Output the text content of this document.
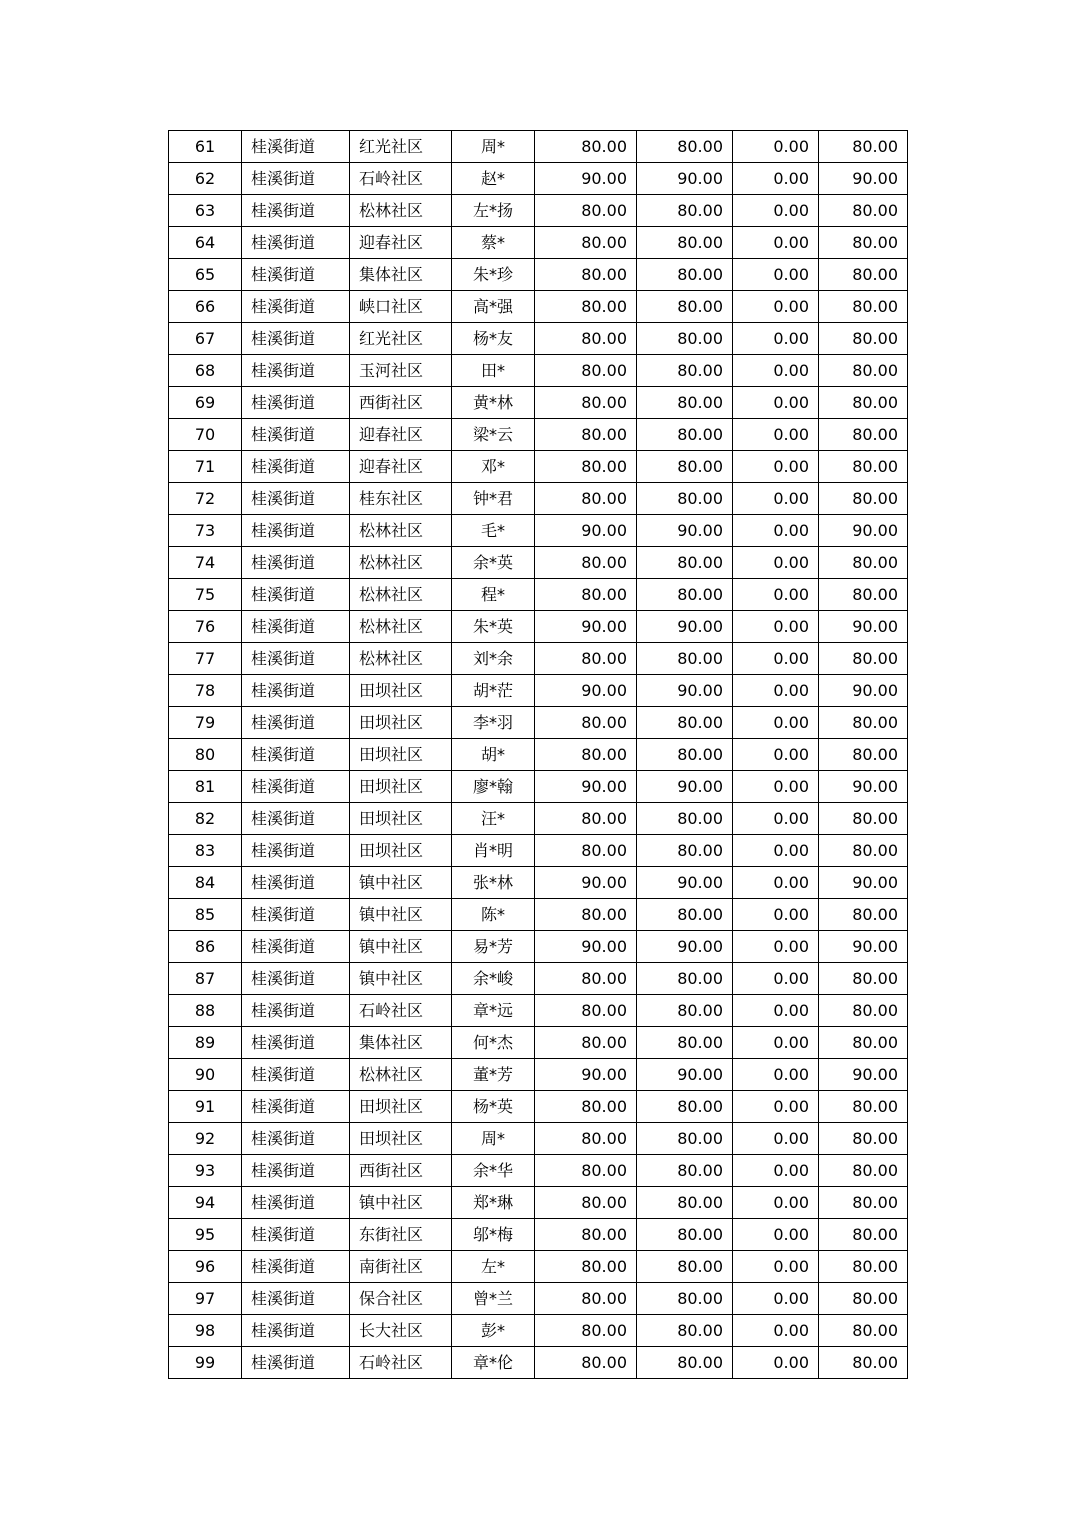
61	桂溪街道	红光社区	周*	80.00	80.00	0.00	80.00
62	桂溪街道	石岭社区	赵*	90.00	90.00	0.00	90.00
63	桂溪街道	松林社区	左*扬	80.00	80.00	0.00	80.00
64	桂溪街道	迎春社区	蔡*	80.00	80.00	0.00	80.00
65	桂溪街道	集体社区	朱*珍	80.00	80.00	0.00	80.00
66	桂溪街道	峡口社区	高*强	80.00	80.00	0.00	80.00
67	桂溪街道	红光社区	杨*友	80.00	80.00	0.00	80.00
68	桂溪街道	玉河社区	田*	80.00	80.00	0.00	80.00
69	桂溪街道	西街社区	黄*林	80.00	80.00	0.00	80.00
70	桂溪街道	迎春社区	梁*云	80.00	80.00	0.00	80.00
71	桂溪街道	迎春社区	邓*	80.00	80.00	0.00	80.00
72	桂溪街道	桂东社区	钟*君	80.00	80.00	0.00	80.00
73	桂溪街道	松林社区	毛*	90.00	90.00	0.00	90.00
74	桂溪街道	松林社区	余*英	80.00	80.00	0.00	80.00
75	桂溪街道	松林社区	程*	80.00	80.00	0.00	80.00
76	桂溪街道	松林社区	朱*英	90.00	90.00	0.00	90.00
77	桂溪街道	松林社区	刘*余	80.00	80.00	0.00	80.00
78	桂溪街道	田坝社区	胡*茫	90.00	90.00	0.00	90.00
79	桂溪街道	田坝社区	李*羽	80.00	80.00	0.00	80.00
80	桂溪街道	田坝社区	胡*	80.00	80.00	0.00	80.00
81	桂溪街道	田坝社区	廖*翰	90.00	90.00	0.00	90.00
82	桂溪街道	田坝社区	汪*	80.00	80.00	0.00	80.00
83	桂溪街道	田坝社区	肖*明	80.00	80.00	0.00	80.00
84	桂溪街道	镇中社区	张*林	90.00	90.00	0.00	90.00
85	桂溪街道	镇中社区	陈*	80.00	80.00	0.00	80.00
86	桂溪街道	镇中社区	易*芳	90.00	90.00	0.00	90.00
87	桂溪街道	镇中社区	余*峻	80.00	80.00	0.00	80.00
88	桂溪街道	石岭社区	章*远	80.00	80.00	0.00	80.00
89	桂溪街道	集体社区	何*杰	80.00	80.00	0.00	80.00
90	桂溪街道	松林社区	董*芳	90.00	90.00	0.00	90.00
91	桂溪街道	田坝社区	杨*英	80.00	80.00	0.00	80.00
92	桂溪街道	田坝社区	周*	80.00	80.00	0.00	80.00
93	桂溪街道	西街社区	余*华	80.00	80.00	0.00	80.00
94	桂溪街道	镇中社区	郑*琳	80.00	80.00	0.00	80.00
95	桂溪街道	东街社区	邬*梅	80.00	80.00	0.00	80.00
96	桂溪街道	南街社区	左*	80.00	80.00	0.00	80.00
97	桂溪街道	保合社区	曾*兰	80.00	80.00	0.00	80.00
98	桂溪街道	长大社区	彭*	80.00	80.00	0.00	80.00
99	桂溪街道	石岭社区	章*伦	80.00	80.00	0.00	80.00
